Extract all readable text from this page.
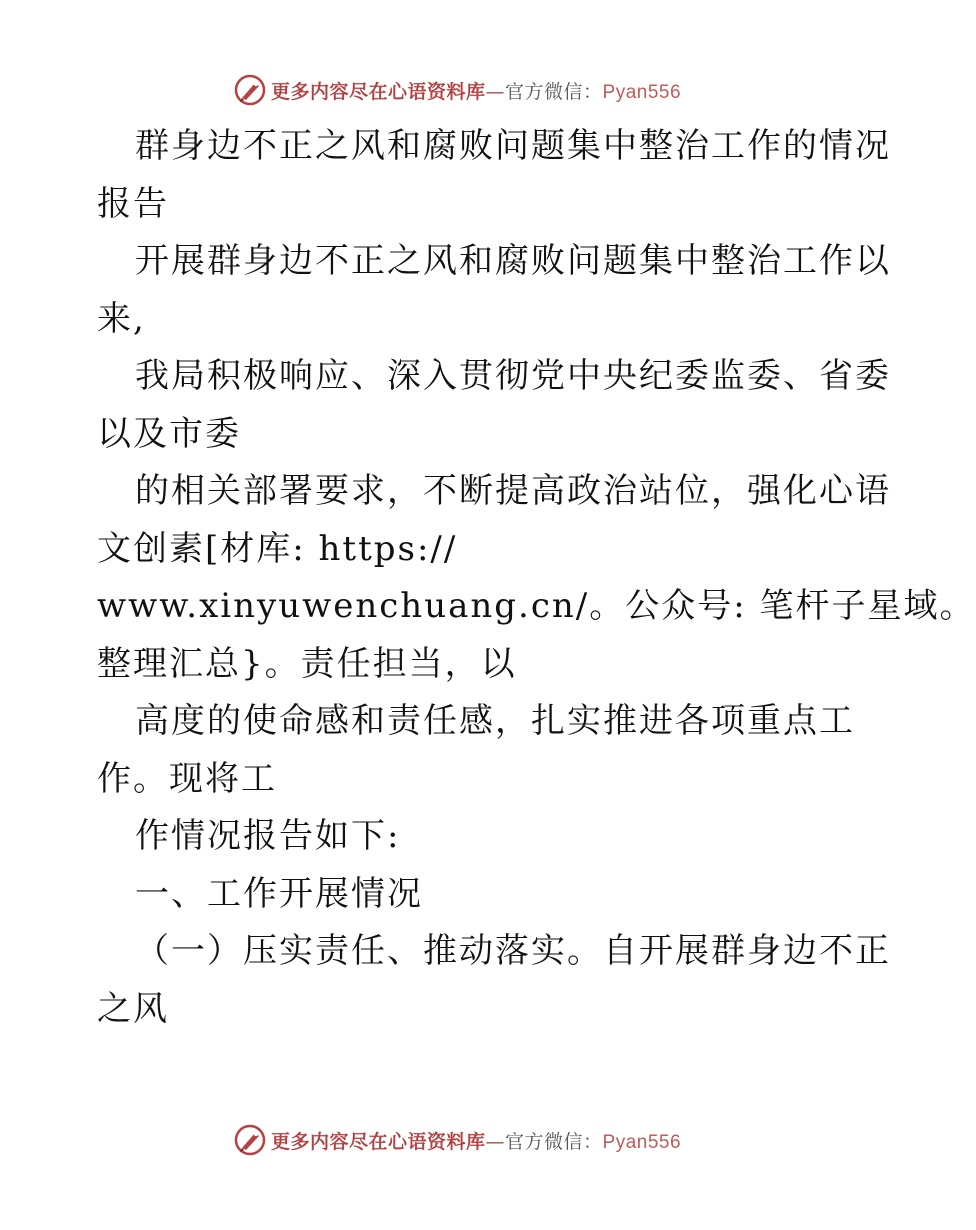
更多内容尽在心语资料库—官方微信：Pyan556
群身边不正之风和腐败问题集中整治工作的情况
报告
开展群身边不正之风和腐败问题集中整治工作以
来,
我局积极响应、深入贯彻党中央纪委监委、省委
以及市委
的相关部署要求，不断提高政治站位，强化心语
文创素[材库: https://
www.xinyuwenchuang.cn/。公众号: 笔杆子星域。
整理汇总}。责任担当，以
高度的使命感和责任感，扎实推进各项重点工
作。现将工
作情况报告如下:
一、工作开展情况
（一）压实责任、推动落实。自开展群身边不正
之风
更多内容尽在心语资料库—官方微信：Pyan556
